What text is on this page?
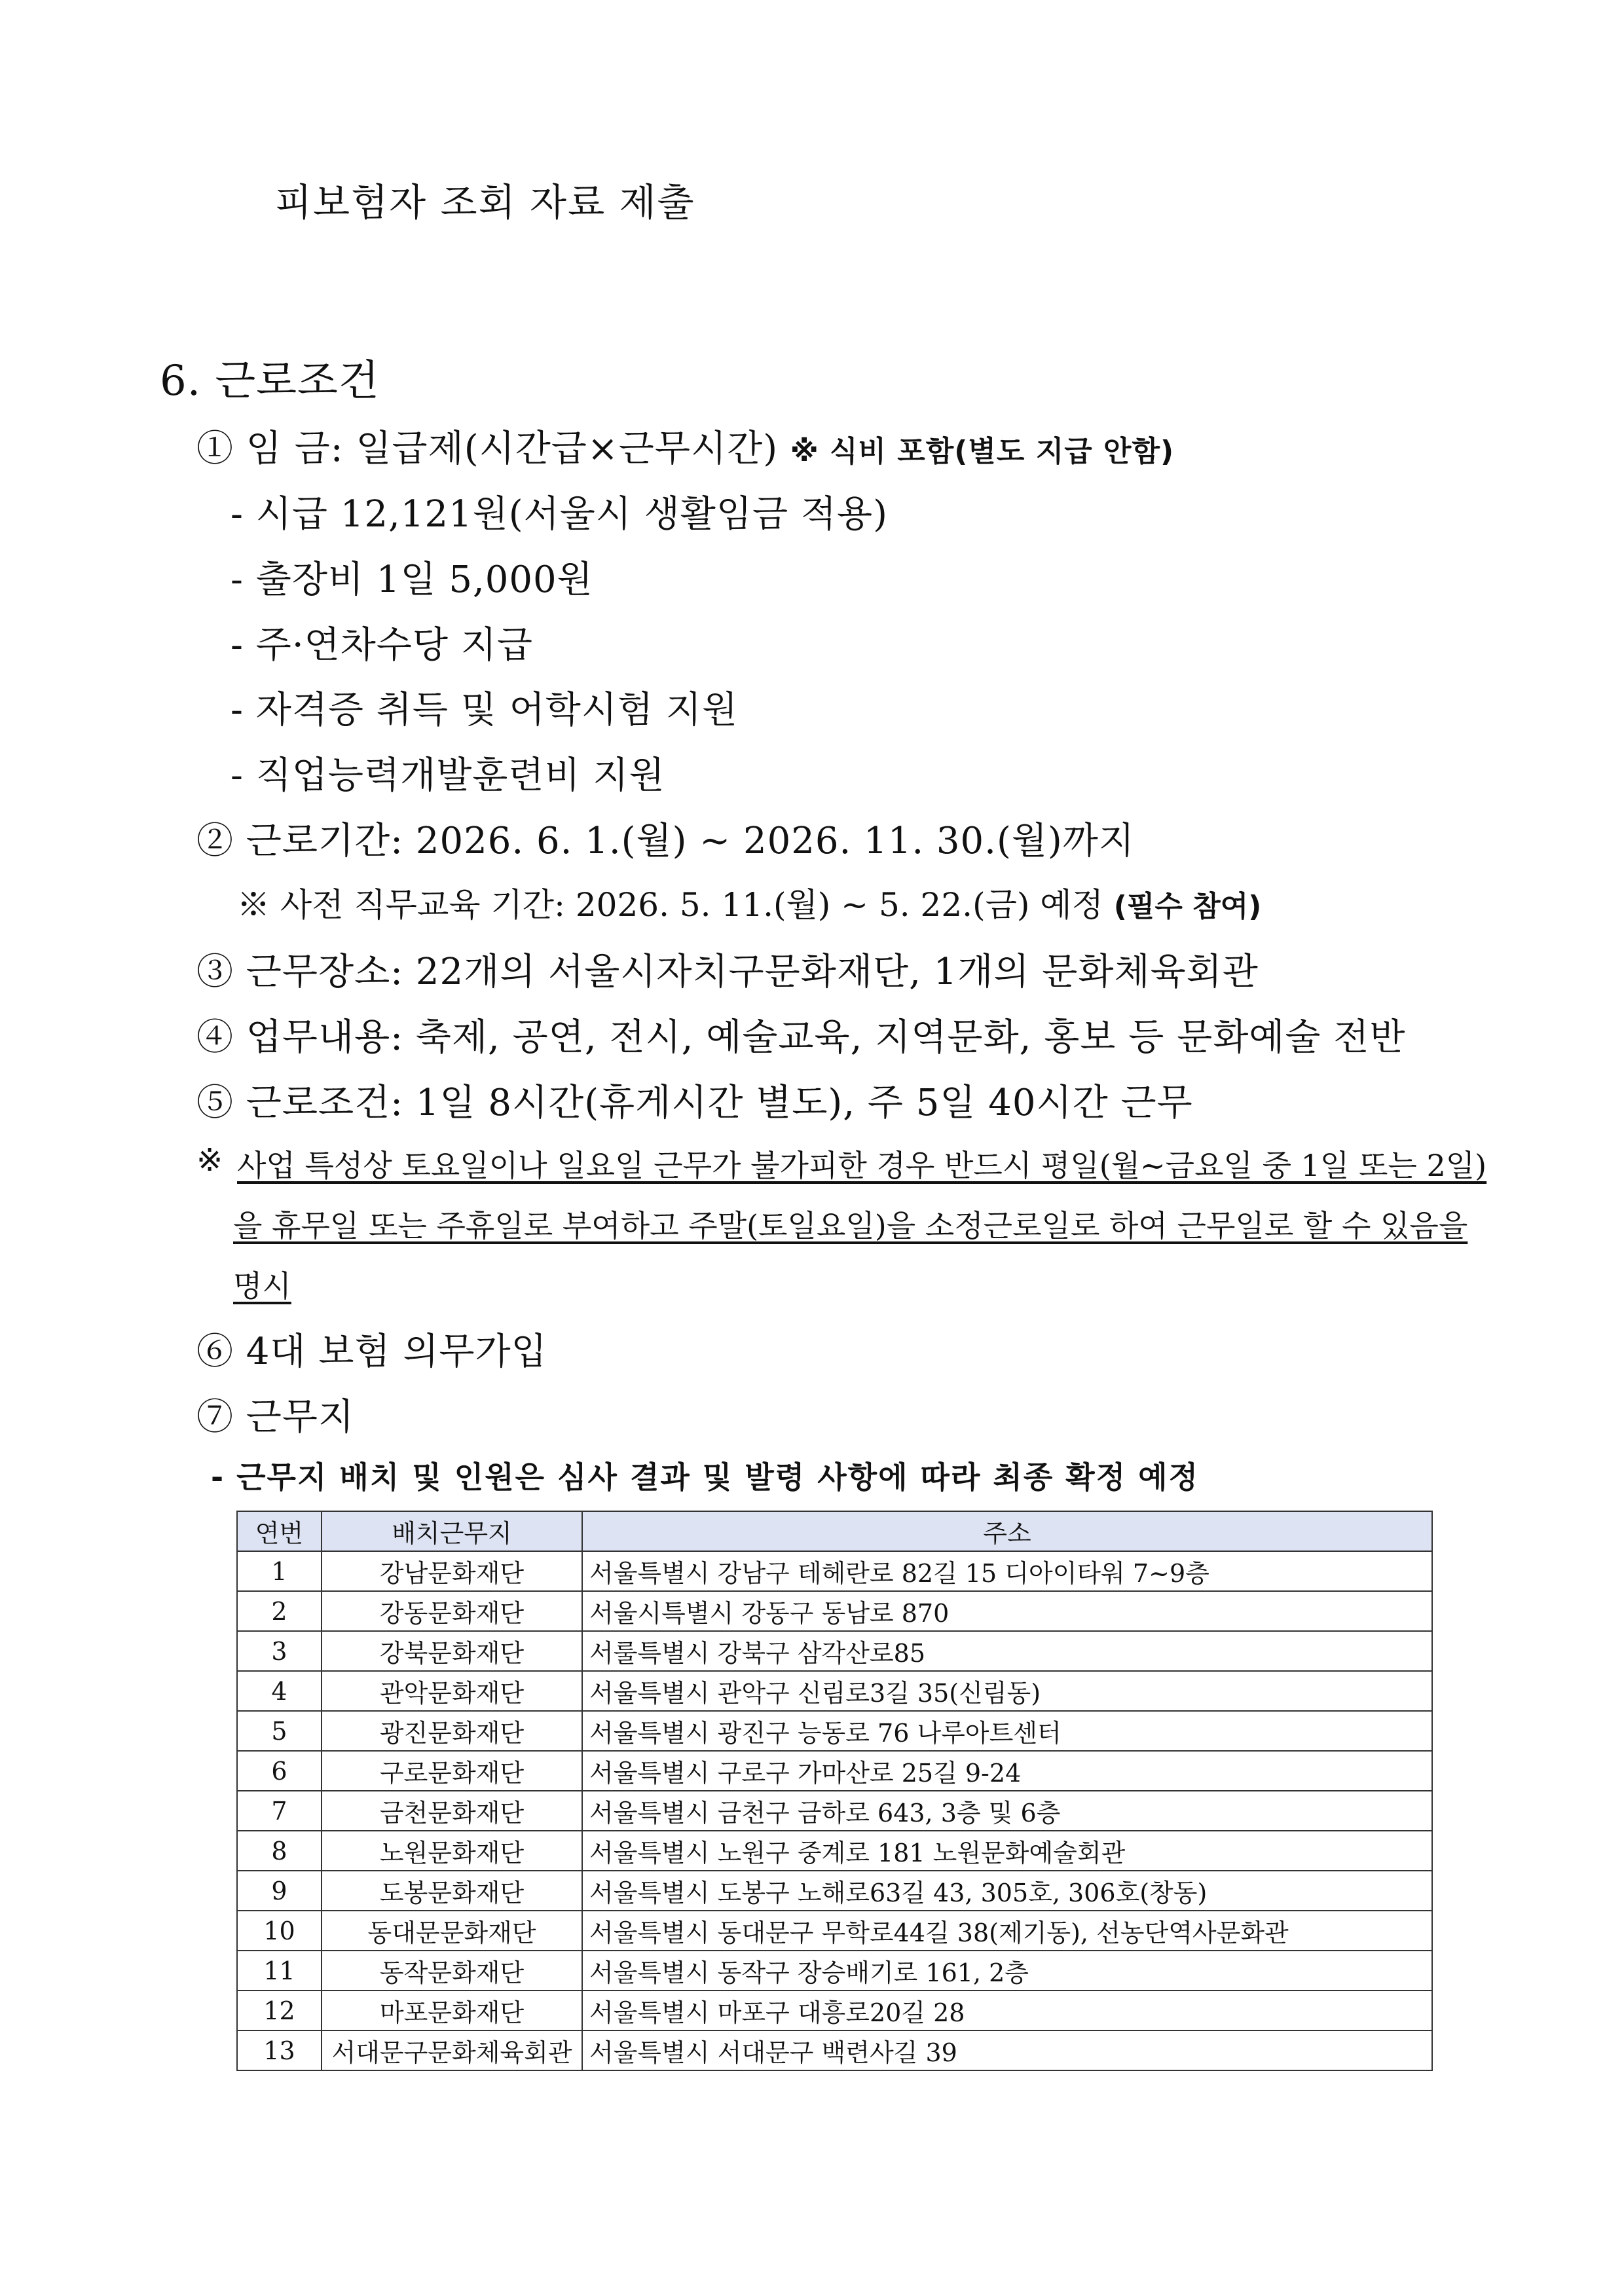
피보험자 조회 자료 제출
6. 근로조건
① 임 금: 일급제(시간급×근무시간) ※ 식비 포함(별도 지급 안함)
- 시급 12,121원(서울시 생활임금 적용)
- 출장비 1일 5,000원
- 주·연차수당 지급
- 자격증 취득 및 어학시험 지원
- 직업능력개발훈련비 지원
② 근로기간: 2026. 6. 1.(월) ~ 2026. 11. 30.(월)까지
※ 사전 직무교육 기간: 2026. 5. 11.(월) ~ 5. 22.(금) 예정 (필수 참여)
③ 근무장소: 22개의 서울시자치구문화재단, 1개의 문화체육회관
④ 업무내용: 축제, 공연, 전시, 예술교육, 지역문화, 홍보 등 문화예술 전반
⑤ 근로조건: 1일 8시간(휴게시간 별도), 주 5일 40시간 근무
※ 사업 특성상 토요일이나 일요일 근무가 불가피한 경우 반드시 평일(월~금요일 중 1일 또는 2일)
을 휴무일 또는 주휴일로 부여하고 주말(토일요일)을 소정근로일로 하여 근무일로 할 수 있음을
명시
⑥ 4대 보험 의무가입
⑦ 근무지
- 근무지 배치 및 인원은 심사 결과 및 발령 사항에 따라 최종 확정 예정
연번	배치근무지	주소
1	강남문화재단	서울특별시 강남구 테헤란로 82길 15 디아이타워 7~9층
2	강동문화재단	서울시특별시 강동구 동남로 870
3	강북문화재단	서룰특별시 강북구 삼각산로85
4	관악문화재단	서울특별시 관악구 신림로3길 35(신림동)
5	광진문화재단	서울특별시 광진구 능동로 76 나루아트센터
6	구로문화재단	서울특별시 구로구 가마산로 25길 9-24
7	금천문화재단	서울특별시 금천구 금하로 643, 3층 및 6층
8	노원문화재단	서울특별시 노원구 중계로 181 노원문화예술회관
9	도봉문화재단	서울특별시 도봉구 노해로63길 43, 305호, 306호(창동)
10	동대문문화재단	서울특별시 동대문구 무학로44길 38(제기동), 선농단역사문화관
11	동작문화재단	서울특별시 동작구 장승배기로 161, 2층
12	마포문화재단	서울특별시 마포구 대흥로20길 28
13	서대문구문화체육회관	서울특별시 서대문구 백련사길 39
